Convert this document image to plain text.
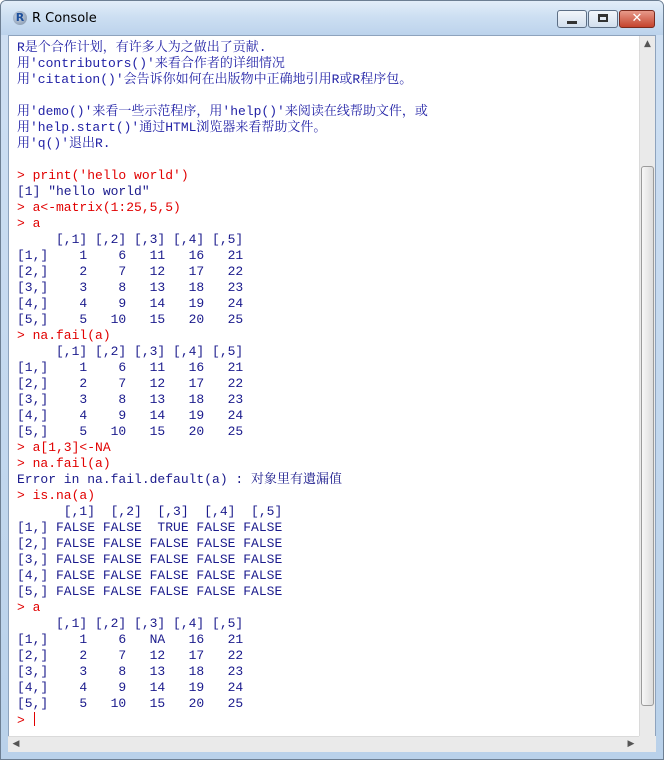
R R Console	✕
R是个合作计划，有许多人为之做出了贡献.
用'contributors()'来看合作者的详细情况
用'citation()'会告诉你如何在出版物中正确地引用R或R程序包。
用'demo()'来看一些示范程序，用'help()'来阅读在线帮助文件，或
用'help.start()'通过HTML浏览器来看帮助文件。
用'q()'退出R.
> print('hello world')
[1] "hello world"
> a<-matrix(1:25,5,5)
> a
[,1] [,2] [,3] [,4] [,5]
[1,]    1    6   11   16   21
[2,]    2    7   12   17   22
[3,]    3    8   13   18   23
[4,]    4    9   14   19   24
[5,]    5   10   15   20   25
> na.fail(a)
[,1] [,2] [,3] [,4] [,5]
[1,]    1    6   11   16   21
[2,]    2    7   12   17   22
[3,]    3    8   13   18   23
[4,]    4    9   14   19   24
[5,]    5   10   15   20   25
> a[1,3]<-NA
> na.fail(a)
Error in na.fail.default(a) : 对象里有遺漏值
> is.na(a)
[,1]  [,2]  [,3]  [,4]  [,5]
[1,] FALSE FALSE  TRUE FALSE FALSE
[2,] FALSE FALSE FALSE FALSE FALSE
[3,] FALSE FALSE FALSE FALSE FALSE
[4,] FALSE FALSE FALSE FALSE FALSE
[5,] FALSE FALSE FALSE FALSE FALSE
> a
[,1] [,2] [,3] [,4] [,5]
[1,]    1    6   NA   16   21
[2,]    2    7   12   17   22
[3,]    3    8   13   18   23
[4,]    4    9   14   19   24
[5,]    5   10   15   20   25
>
▲
◀	▶
